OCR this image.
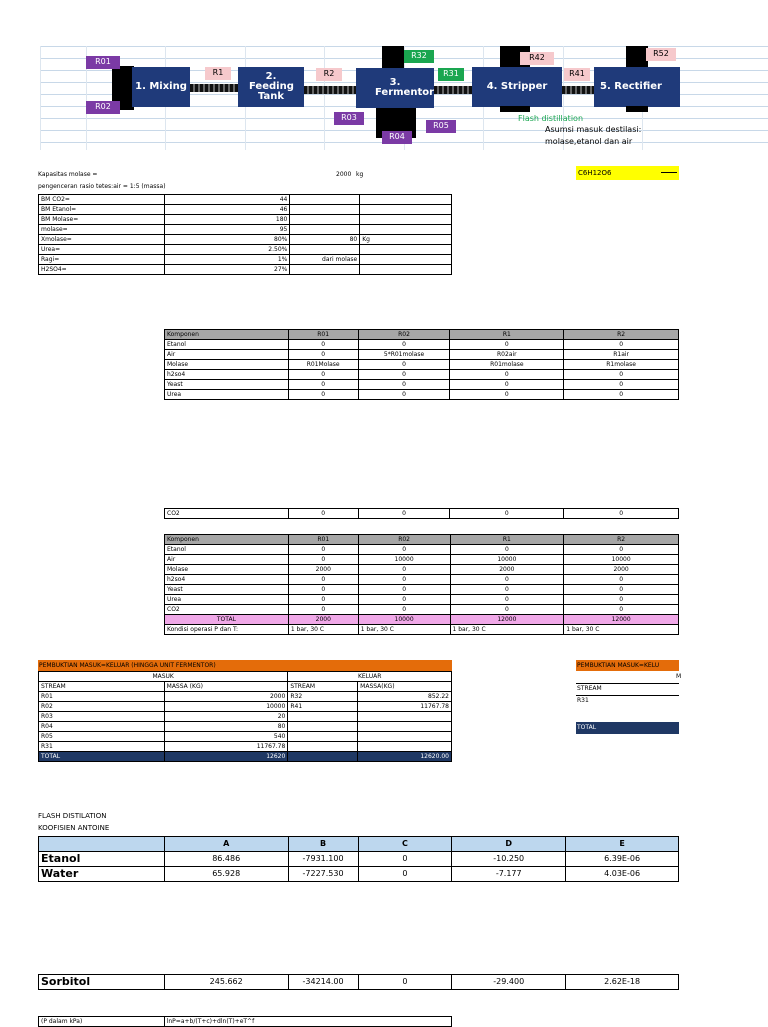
1. Mixing
R01
R02
R1	2. Feeding Tank
R2
3. Fermentor
R32
R03
R04
R05
R31
4. Stripper
R42
R41
5. Rectifier
R52
Flash distillation
Asumsi masuk destilasi:
molase,etanol dan air
Kapasitas molase =	2000 kg	C6H12O6
pengenceran rasio tetes:air = 1:5 (massa)
BM CO2=	44		
BM Etanol=	46		
BM Molase=	180		
molase=	95		
Xmolase=	80%	80	Kg
Urea=	2.50%		
Ragi=	1%	dari molase	
H2SO4=	27%		
Komponen	R01	R02	R1	R2
Etanol	0	0	0	0
Air	0	5*R01molase	R02air	R1air
Molase	R01Molase	0	R01molase	R1molase
h2so4	0	0	0	0
Yeast	0	0	0	0
Urea	0	0	0	0
CO2	0	0	0	0
Komponen	R01	R02	R1	R2
Etanol	0	0	0	0
Air	0	10000	10000	10000
Molase	2000	0	2000	2000
h2so4	0	0	0	0
Yeast	0	0	0	0
Urea	0	0	0	0
CO2	0	0	0	0
TOTAL	2000	10000	12000	12000
Kondisi operasi P dan T:	1 bar, 30 C	1 bar, 30 C	1 bar, 30 C	1 bar, 30 C
PEMBUKTIAN MASUK=KELUAR (HINGGA UNIT FERMENTOR)
MASUK		KELUAR	
STREAM	MASSA (KG)	STREAM	MASSA(KG)
R01	2000	R32	852.22
R02	10000	R41	11767.78
R03	20		
R04	80		
R05	540		
R31	11767.78		
TOTAL	12620		12620.00
PEMBUKTIAN MASUK=KELU
M
STREAM
R31
TOTAL
FLASH DISTILATION
KOOFISIEN ANTOINE
	A	B	C	D	E
Etanol	86.486	-7931.100	0	-10.250	6.39E-06
Water	65.928	-7227.530	0	-7.177	4.03E-06
Sorbitol	245.662	-34214.00	0	-29.400	2.62E-18
(P dalam kPa)	lnP=a+b/(T+c)+dln(T)+eT^f
